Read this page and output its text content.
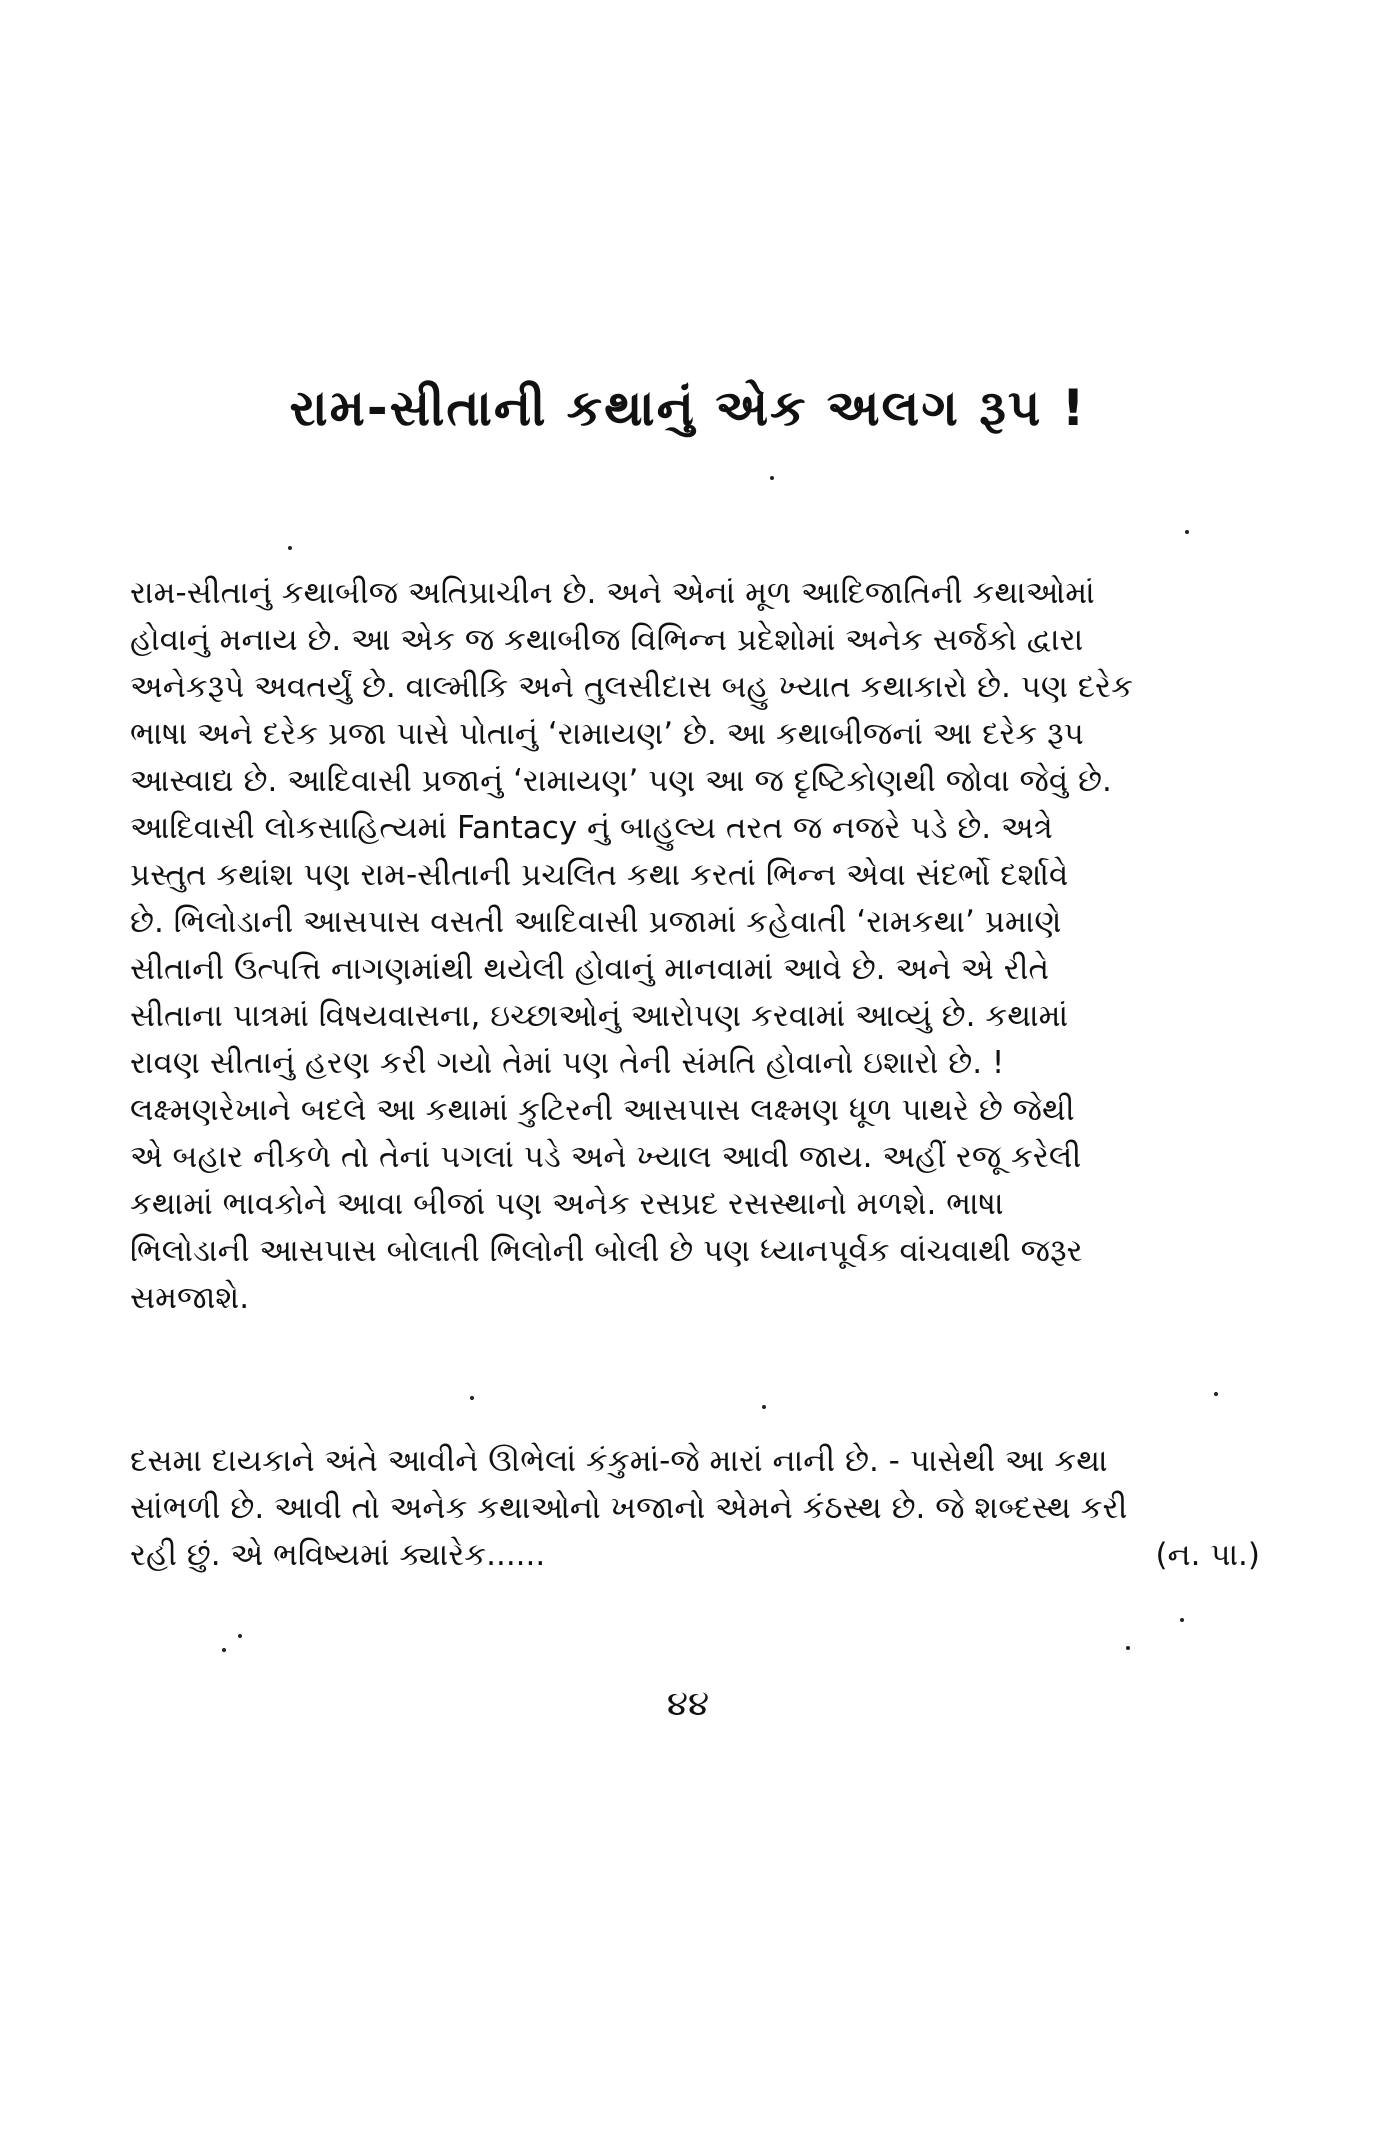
રામ-સીતાની કથાનું એક અલગ રૂપ !
રામ-સીતાનું કથાબીજ અતિપ્રાચીન છે. અને એનાં મૂળ આદિજાતિની કથાઓમાં
હોવાનું મનાય છે. આ એક જ કથાબીજ વિભિન્ન પ્રદેશોમાં અનેક સર્જકો દ્વારા
અનેકરૂપે અવતર્યું છે. વાલ્મીકિ અને તુલસીદાસ બહુ ખ્યાત કથાકારો છે. પણ દરેક
ભાષા અને દરેક પ્રજા પાસે પોતાનું ‘રામાયણ’ છે. આ કથાબીજનાં આ દરેક રૂપ
આસ્વાદ્ય છે. આદિવાસી પ્રજાનું ‘રામાયણ’ પણ આ જ દૃષ્ટિકોણથી જોવા જેવું છે.
આદિવાસી લોકસાહિત્યમાં Fantacy નું બાહુલ્ય તરત જ નજરે પડે છે. અત્રે
પ્રસ્તુત કથાંશ પણ રામ-સીતાની પ્રચલિત કથા કરતાં ભિન્ન એવા સંદર્ભો દર્શાવે
છે. ભિલોડાની આસપાસ વસતી આદિવાસી પ્રજામાં કહેવાતી ‘રામકથા’ પ્રમાણે
સીતાની ઉત્પત્તિ નાગણમાંથી થયેલી હોવાનું માનવામાં આવે છે. અને એ રીતે
સીતાના પાત્રમાં વિષયવાસના, ઇચ્છાઓનું આરોપણ કરવામાં આવ્યું છે. કથામાં
રાવણ સીતાનું હરણ કરી ગયો તેમાં પણ તેની સંમતિ હોવાનો ઇશારો છે. !
લક્ષ્મણરેખાને બદલે આ કથામાં કુટિરની આસપાસ લક્ષ્મણ ધૂળ પાથરે છે જેથી
એ બહાર નીકળે તો તેનાં પગલાં પડે અને ખ્યાલ આવી જાય. અહીં રજૂ કરેલી
કથામાં ભાવકોને આવા બીજાં પણ અનેક રસપ્રદ રસસ્થાનો મળશે. ભાષા
ભિલોડાની આસપાસ બોલાતી ભિલોની બોલી છે પણ ધ્યાનપૂર્વક વાંચવાથી જરૂર
સમજાશે.
દસમા દાયકાને અંતે આવીને ઊભેલાં કંકુમાં-જે મારાં નાની છે. - પાસેથી આ કથા
સાંભળી છે. આવી તો અનેક કથાઓનો ખજાનો એમને કંઠસ્થ છે. જે શબ્દસ્થ કરી
રહી છું. એ ભવિષ્યમાં ક્યારેક......	(ન. પા.)
૪૪
